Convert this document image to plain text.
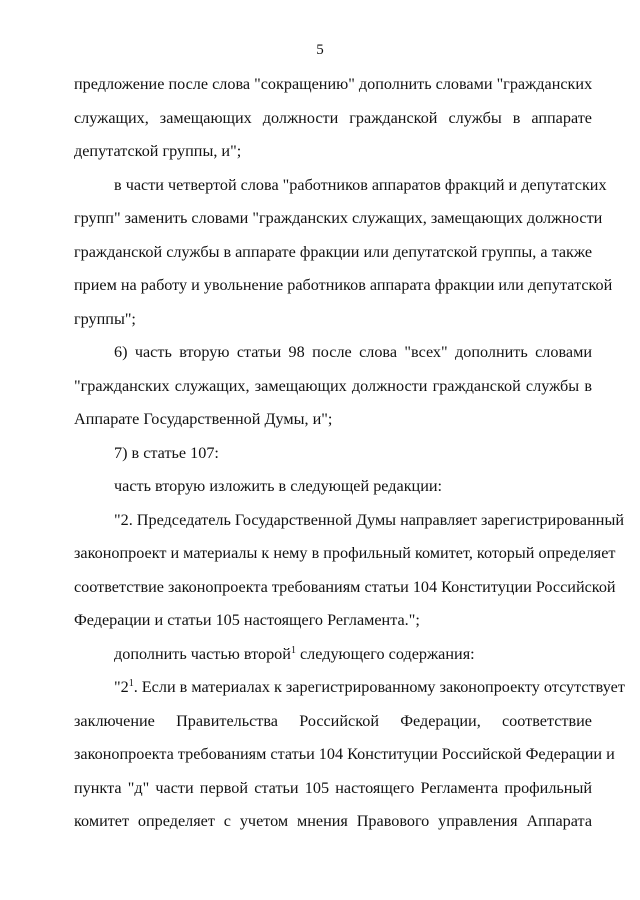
5
предложение после слова "сокращению" дополнить словами "гражданских
служащих, замещающих должности гражданской службы в аппарате
депутатской группы, и";
в части четвертой слова "работников аппаратов фракций и депутатских
групп" заменить словами "гражданских служащих, замещающих должности
гражданской службы в аппарате фракции или депутатской группы, а также
прием на работу и увольнение работников аппарата фракции или депутатской
группы";
6) часть вторую статьи 98 после слова "всех" дополнить словами
"гражданских служащих, замещающих должности гражданской службы в
Аппарате Государственной Думы, и";
7) в статье 107:
часть вторую изложить в следующей редакции:
"2. Председатель Государственной Думы направляет зарегистрированный
законопроект и материалы к нему в профильный комитет, который определяет
соответствие законопроекта требованиям статьи 104 Конституции Российской
Федерации и статьи 105 настоящего Регламента.";
дополнить частью второй$^1$ следующего содержания:
"$2^1$. Если в материалах к зарегистрированному законопроекту отсутствует
заключение Правительства Российской Федерации, соответствие
законопроекта требованиям статьи 104 Конституции Российской Федерации и
пункта "д" части первой статьи 105 настоящего Регламента профильный
комитет определяет с учетом мнения Правового управления Аппарата
